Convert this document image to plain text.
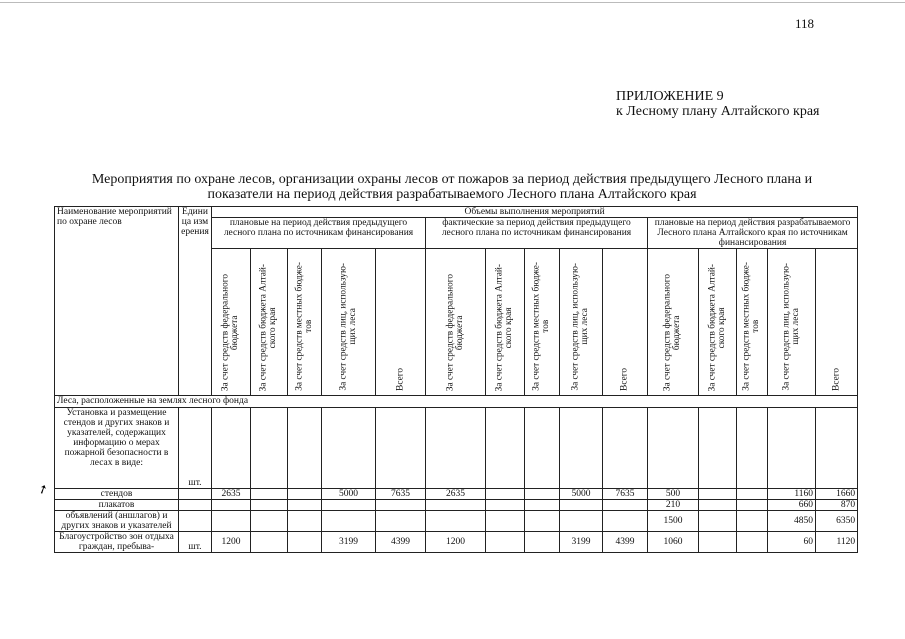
118
ПРИЛОЖЕНИЕ 9
к Лесному плану Алтайского края
Мероприятия по охране лесов, организации охраны лесов от пожаров за период действия предыдущего Лесного плана и
показатели на период действия разрабатываемого Лесного плана Алтайского края
➚
Наименование мероприятий по охране лесов	Единица измерения	Объемы выполнения мероприятий														
		плановые на период действия предыдущего лесного плана по источникам финансирования					фактические за период действия предыдущего лесного плана по источникам финансирования					плановые на период действия разрабатываемого Лесного плана Алтайского края по источникам финансирования				

		За счет средств федерального
бюджета	За счет средств бюджета Алтай-
ского края	За счет средств местных бюдже-
тов	За счет средств лиц, использую-
щих леса	Всего	За счет средств федерального
бюджета	За счет средств бюджета Алтай-
ского края	За счет средств местных бюдже-
тов	За счет средств лиц, использую-
щих леса	Всего	За счет средств федерального
бюджета	За счет средств бюджета Алтай-
ского края	За счет средств местных бюдже-
тов	За счет средств лиц, использую-
щих леса	Всего

Леса, расположенные на землях лесного фонда																
Установка и размещение стендов и других знаков и указателей, содержащих информацию о мерах пожарной безопасности в лесах в виде:	шт.															
стендов		2635			5000	7635	2635			5000	7635	500			1160	1660
плакатов												210			660	870
объявлений (аншлагов) и других знаков и указателей												1500			4850	6350
Благоустройство зон отдыха граждан, пребыва-	шт.	1200			3199	4399	1200			3199	4399	1060			60	1120
